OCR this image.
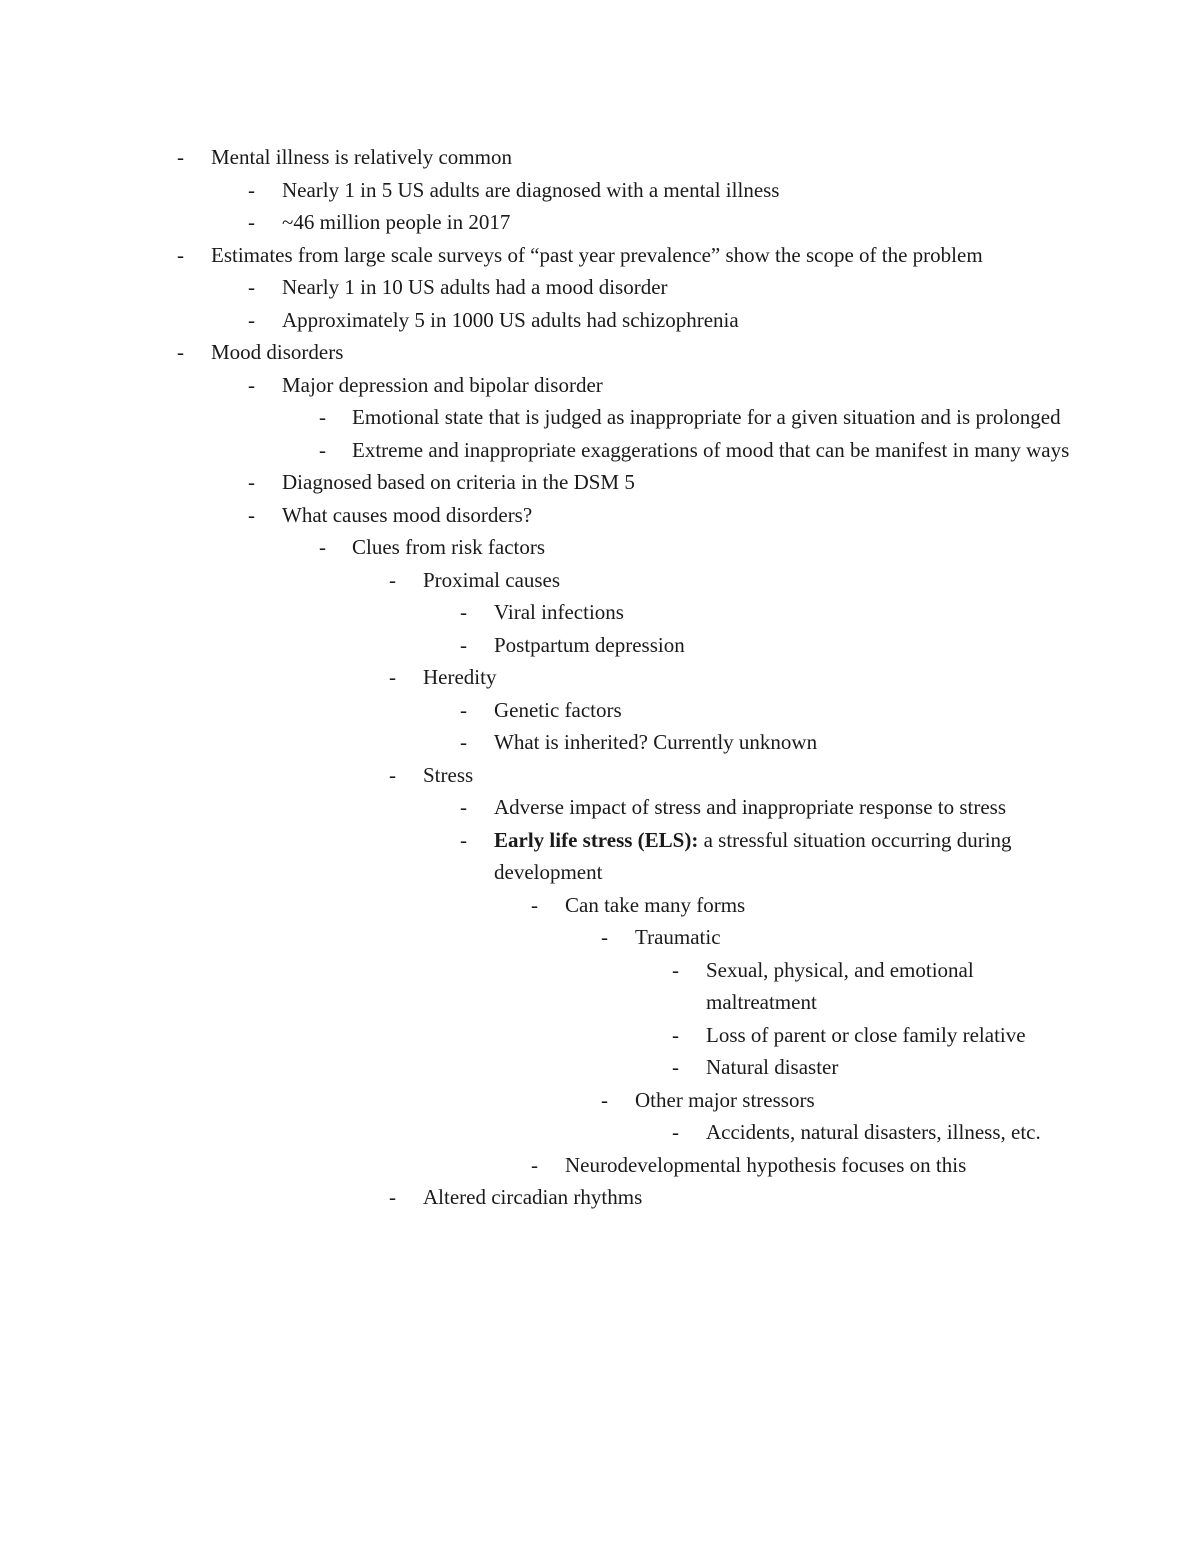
- Mental illness is relatively common
- Nearly 1 in 5 US adults are diagnosed with a mental illness
- ~46 million people in 2017
- Estimates from large scale surveys of “past year prevalence” show the scope of the problem
- Nearly 1 in 10 US adults had a mood disorder
- Approximately 5 in 1000 US adults had schizophrenia
- Mood disorders
- Major depression and bipolar disorder
- Emotional state that is judged as inappropriate for a given situation and is prolonged
- Extreme and inappropriate exaggerations of mood that can be manifest in many ways
- Diagnosed based on criteria in the DSM 5
- What causes mood disorders?
- Clues from risk factors
- Proximal causes
- Viral infections
- Postpartum depression
- Heredity
- Genetic factors
- What is inherited? Currently unknown
- Stress
- Adverse impact of stress and inappropriate response to stress
- Early life stress (ELS): a stressful situation occurring during development
- Can take many forms
- Traumatic
- Sexual, physical, and emotional maltreatment
- Loss of parent or close family relative
- Natural disaster
- Other major stressors
- Accidents, natural disasters, illness, etc.
- Neurodevelopmental hypothesis focuses on this
- Altered circadian rhythms
